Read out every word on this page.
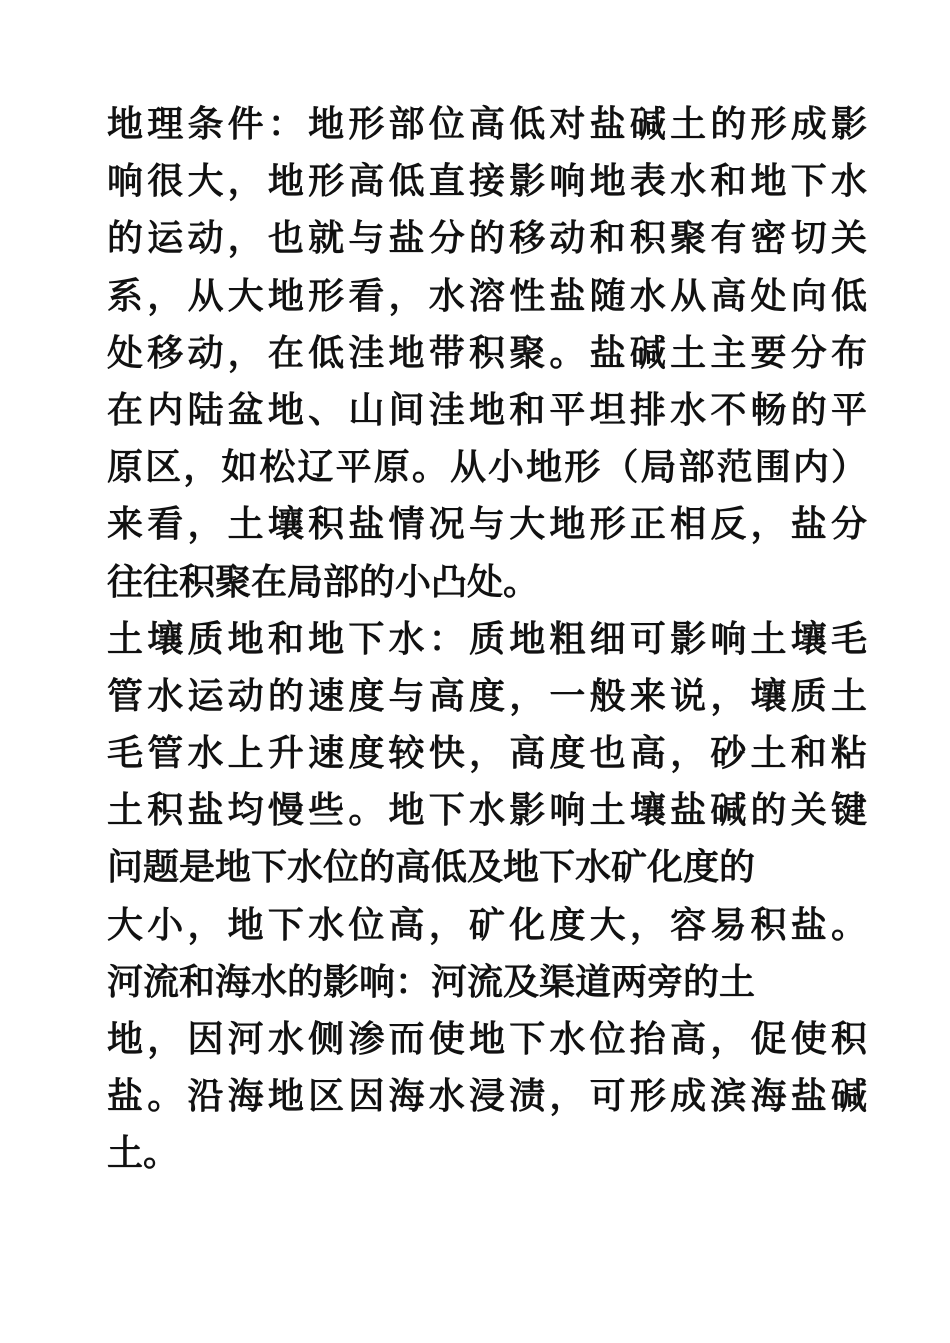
地理条件：地形部位高低对盐碱土的形成影
响很大，地形高低直接影响地表水和地下水
的运动，也就与盐分的移动和积聚有密切关
系，从大地形看，水溶性盐随水从高处向低
处移动，在低洼地带积聚。盐碱土主要分布
在内陆盆地、山间洼地和平坦排水不畅的平
原区，如松辽平原。从小地形（局部范围内）
来看，土壤积盐情况与大地形正相反，盐分
往往积聚在局部的小凸处。
土壤质地和地下水：质地粗细可影响土壤毛
管水运动的速度与高度，一般来说，壤质土
毛管水上升速度较快，高度也高，砂土和粘
土积盐均慢些。地下水影响土壤盐碱的关键
问题是地下水位的高低及地下水矿化度的
大小，地下水位高，矿化度大，容易积盐。
河流和海水的影响：河流及渠道两旁的土
地，因河水侧渗而使地下水位抬高，促使积
盐。沿海地区因海水浸渍，可形成滨海盐碱
土。
